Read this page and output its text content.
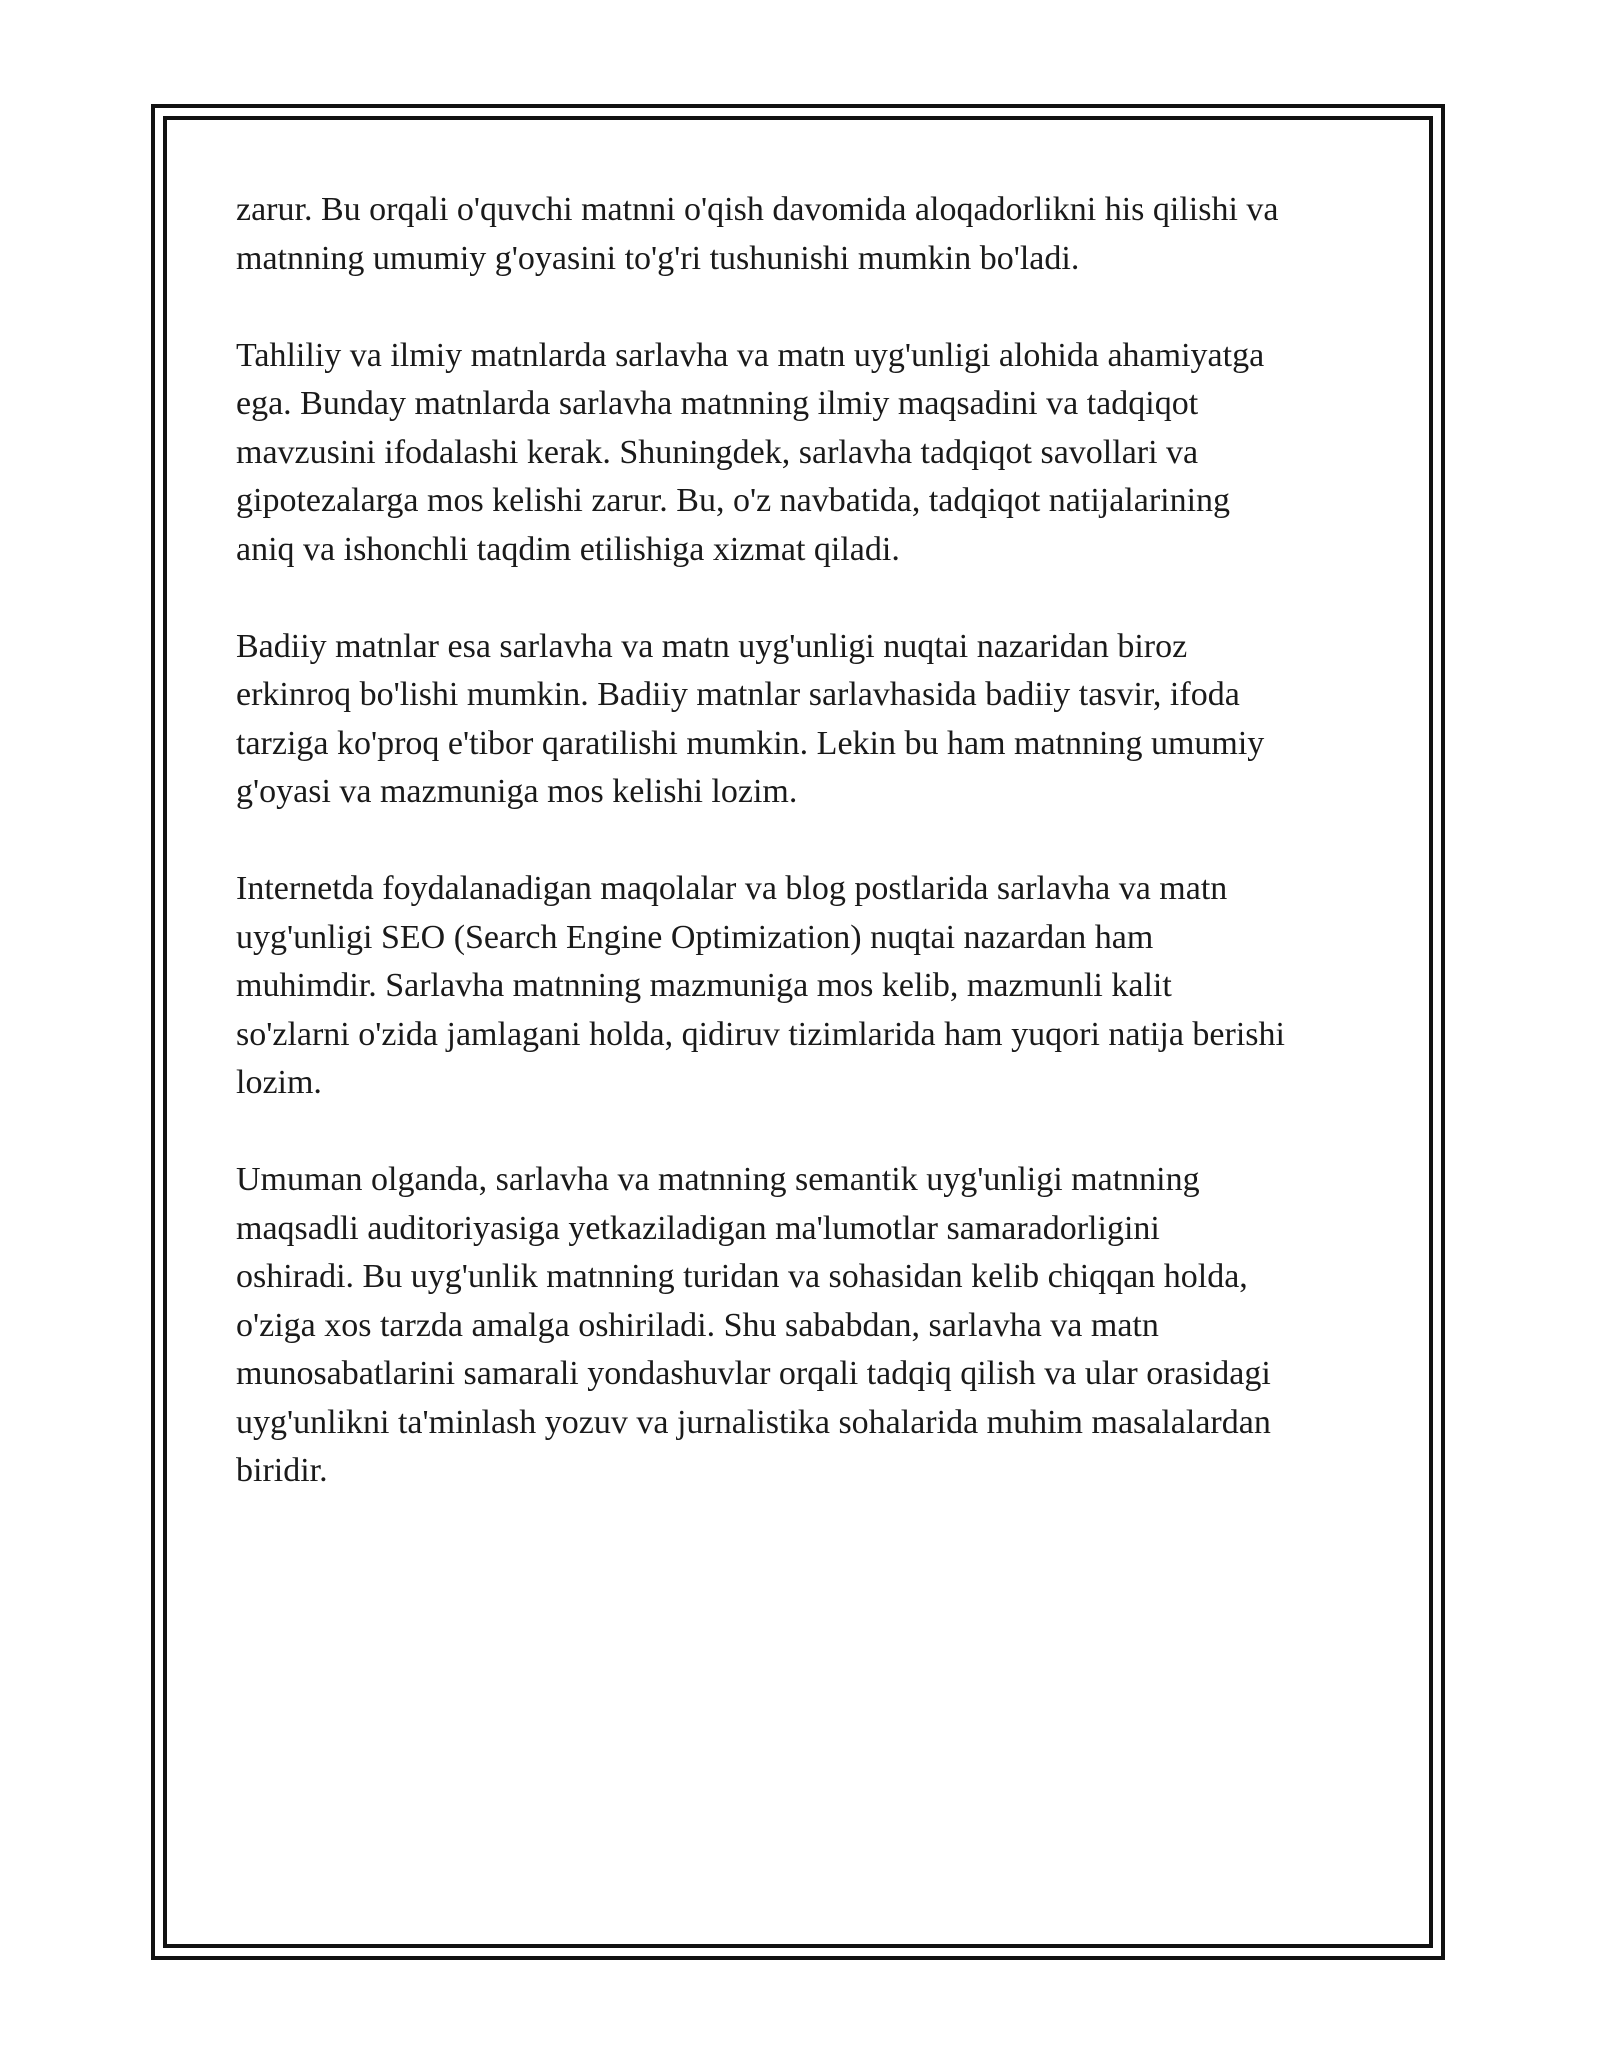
zarur. Bu orqali o'quvchi matnni o'qish davomida aloqadorlikni his qilishi va
matnning umumiy g'oyasini to'g'ri tushunishi mumkin bo'ladi.

Tahliliy va ilmiy matnlarda sarlavha va matn uyg'unligi alohida ahamiyatga
ega. Bunday matnlarda sarlavha matnning ilmiy maqsadini va tadqiqot
mavzusini ifodalashi kerak. Shuningdek, sarlavha tadqiqot savollari va
gipotezalarga mos kelishi zarur. Bu, o'z navbatida, tadqiqot natijalarining
aniq va ishonchli taqdim etilishiga xizmat qiladi.

Badiiy matnlar esa sarlavha va matn uyg'unligi nuqtai nazaridan biroz
erkinroq bo'lishi mumkin. Badiiy matnlar sarlavhasida badiiy tasvir, ifoda
tarziga ko'proq e'tibor qaratilishi mumkin. Lekin bu ham matnning umumiy
g'oyasi va mazmuniga mos kelishi lozim.

Internetda foydalanadigan maqolalar va blog postlarida sarlavha va matn
uyg'unligi SEO (Search Engine Optimization) nuqtai nazardan ham
muhimdir. Sarlavha matnning mazmuniga mos kelib, mazmunli kalit
so'zlarni o'zida jamlagani holda, qidiruv tizimlarida ham yuqori natija berishi
lozim.

Umuman olganda, sarlavha va matnning semantik uyg'unligi matnning
maqsadli auditoriyasiga yetkaziladigan ma'lumotlar samaradorligini
oshiradi. Bu uyg'unlik matnning turidan va sohasidan kelib chiqqan holda,
o'ziga xos tarzda amalga oshiriladi. Shu sababdan, sarlavha va matn
munosabatlarini samarali yondashuvlar orqali tadqiq qilish va ular orasidagi
uyg'unlikni ta'minlash yozuv va jurnalistika sohalarida muhim masalalardan
biridir.
